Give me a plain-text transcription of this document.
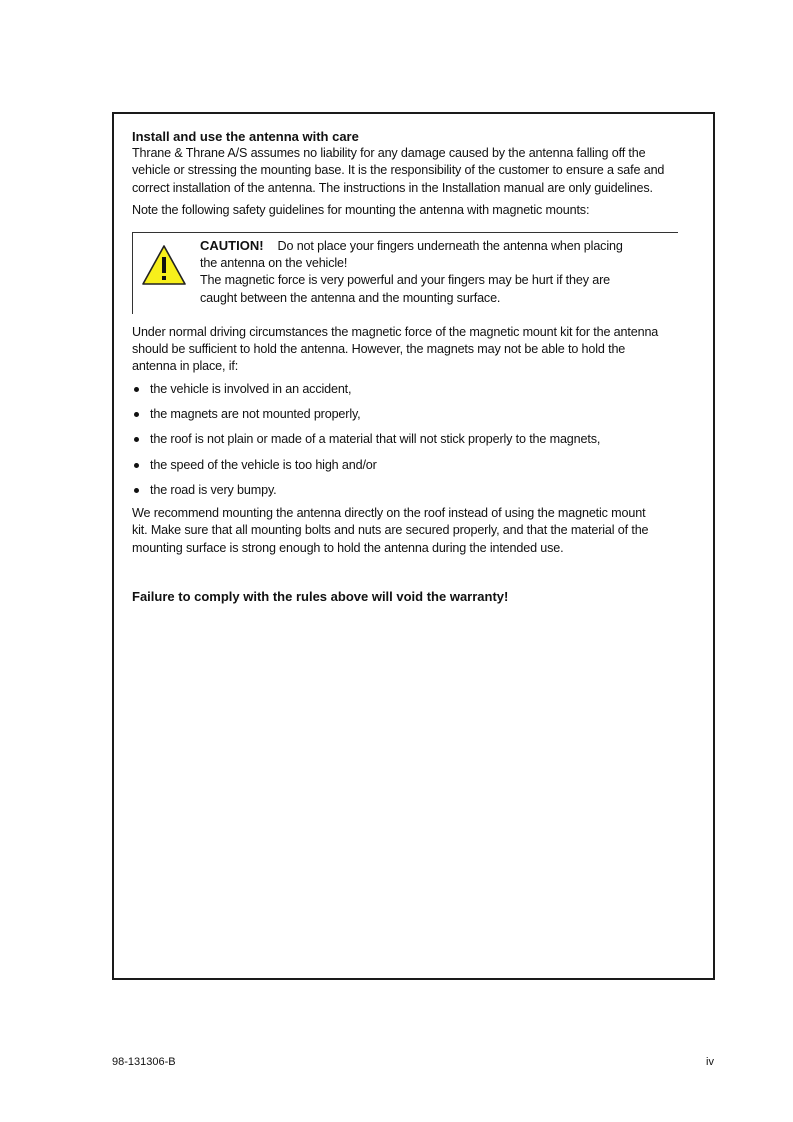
Install and use the antenna with care

Thrane & Thrane A/S assumes no liability for any damage caused by the antenna falling off the

vehicle or stressing the mounting base. It is the responsibility of the customer to ensure a safe and

correct installation of the antenna. The instructions in the Installation manual are only guidelines.

Note the following safety guidelines for mounting the antenna with magnetic mounts:

CAUTION! Do not place your fingers underneath the antenna when placing

the antenna on the vehicle!

The magnetic force is very powerful and your fingers may be hurt if they are

caught between the antenna and the mounting surface.

Under normal driving circumstances the magnetic force of the magnetic mount kit for the antenna

should be sufficient to hold the antenna. However, the magnets may not be able to hold the

antenna in place, if:

the vehicle is involved in an accident,
the magnets are not mounted properly,
the roof is not plain or made of a material that will not stick properly to the magnets,
the speed of the vehicle is too high and/or
the road is very bumpy.

We recommend mounting the antenna directly on the roof instead of using the magnetic mount

kit. Make sure that all mounting bolts and nuts are secured properly, and that the material of the

mounting surface is strong enough to hold the antenna during the intended use.

Failure to comply with the rules above will void the warranty!

98-131306-B	iv
